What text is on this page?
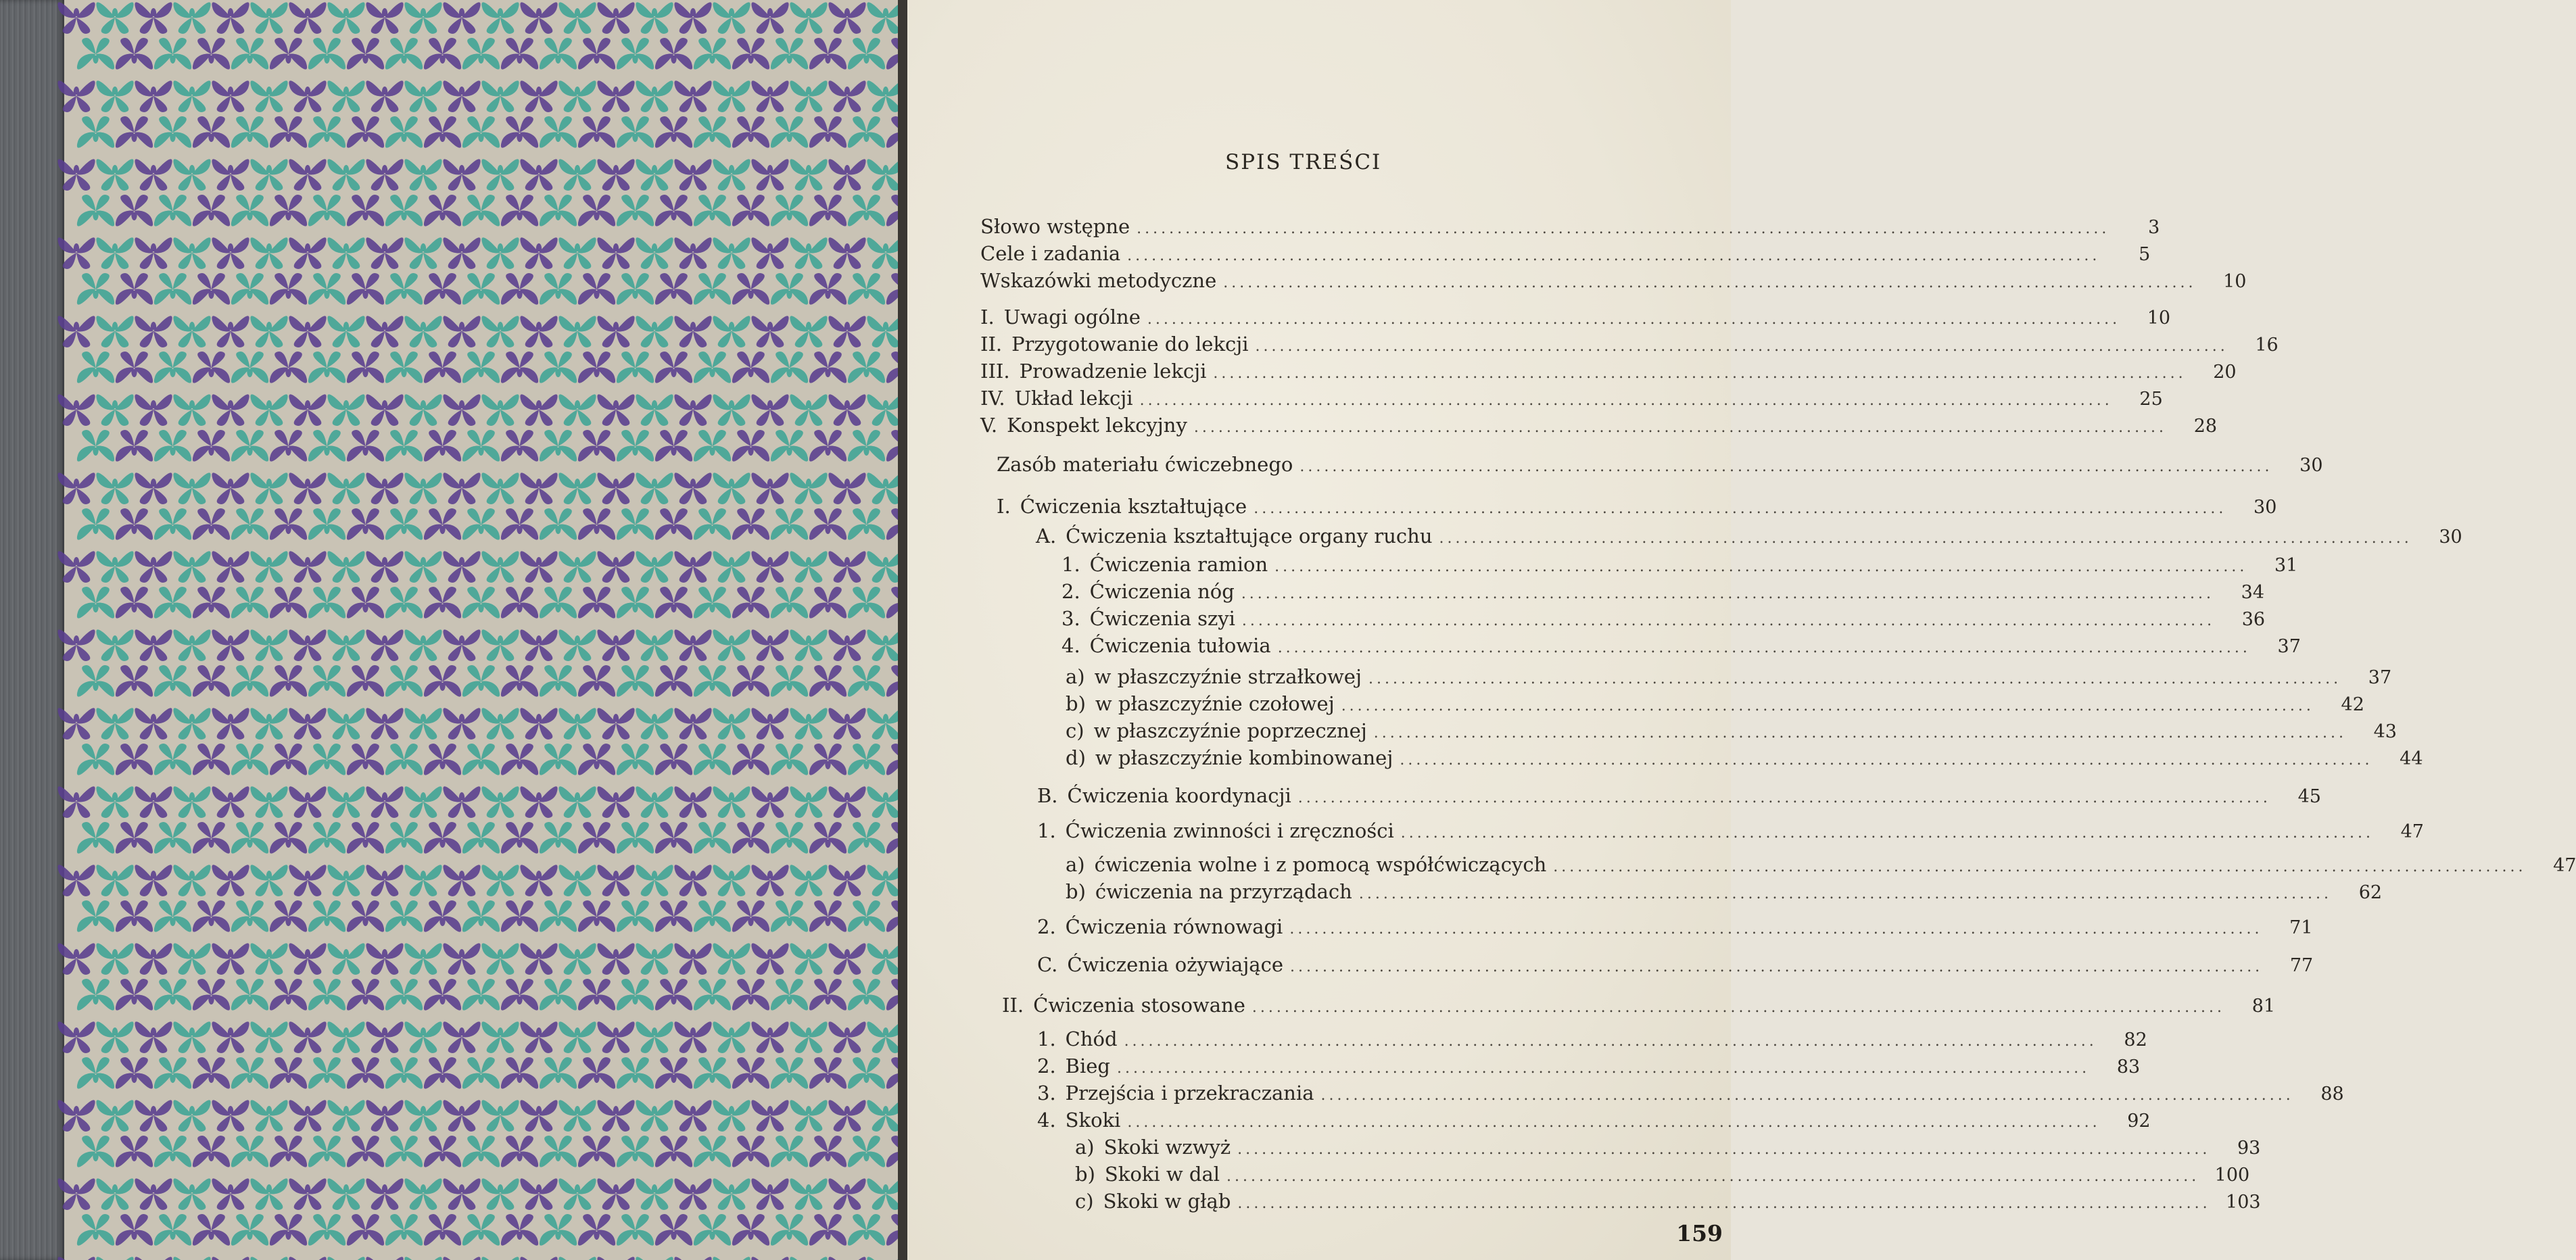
SPIS TREŚCI
Słowo wstępne ........................................................................................................................	3
Cele i zadania ........................................................................................................................	5
Wskazówki metodyczne ........................................................................................................................	10
I. Uwagi ogólne ........................................................................................................................	10
II. Przygotowanie do lekcji ........................................................................................................................	16
III. Prowadzenie lekcji ........................................................................................................................	20
IV. Układ lekcji ........................................................................................................................	25
V. Konspekt lekcyjny ........................................................................................................................	28
Zasób materiału ćwiczebnego ........................................................................................................................	30
I. Ćwiczenia kształtujące ........................................................................................................................	30
A. Ćwiczenia kształtujące organy ruchu ........................................................................................................................	30
1. Ćwiczenia ramion ........................................................................................................................	31
2. Ćwiczenia nóg ........................................................................................................................	34
3. Ćwiczenia szyi ........................................................................................................................	36
4. Ćwiczenia tułowia ........................................................................................................................	37
a) w płaszczyźnie strzałkowej ........................................................................................................................	37
b) w płaszczyźnie czołowej ........................................................................................................................	42
c) w płaszczyźnie poprzecznej ........................................................................................................................	43
d) w płaszczyźnie kombinowanej ........................................................................................................................	44
B. Ćwiczenia koordynacji ........................................................................................................................	45
1. Ćwiczenia zwinności i zręczności ........................................................................................................................	47
a) ćwiczenia wolne i z pomocą współćwiczących ........................................................................................................................	47
b) ćwiczenia na przyrządach ........................................................................................................................	62
2. Ćwiczenia równowagi ........................................................................................................................	71
C. Ćwiczenia ożywiające ........................................................................................................................	77
II. Ćwiczenia stosowane ........................................................................................................................	81
1. Chód ........................................................................................................................	82
2. Bieg ........................................................................................................................	83
3. Przejścia i przekraczania ........................................................................................................................	88
4. Skoki ........................................................................................................................	92
a) Skoki wzwyż ........................................................................................................................	93
b) Skoki w dal ........................................................................................................................ 100
c) Skoki w głąb ........................................................................................................................ 103
159
